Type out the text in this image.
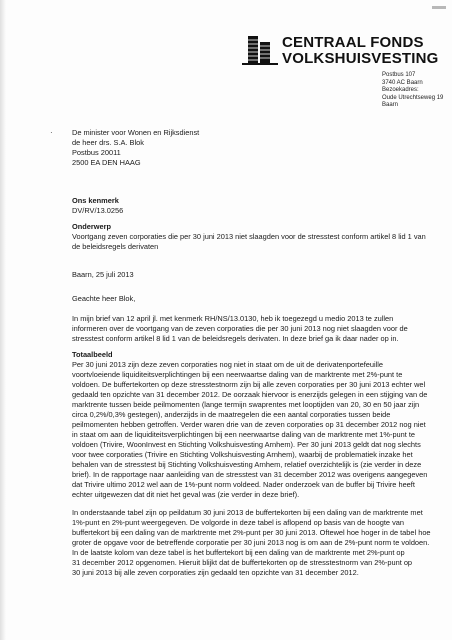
CENTRAAL FONDS
VOLKSHUISVESTING
Postbus 107
3740 AC Baarn
Bezoekadres:
Oude Utrechtseweg 19
Baarn
·	De minister voor Wonen en Rijksdienst
de heer drs. S.A. Blok
Postbus 20011
2500 EA DEN HAAG
Ons kenmerk
DV/RV/13.0256
Onderwerp
Voortgang zeven corporaties die per 30 juni 2013 niet slaagden voor de stresstest conform artikel 8 lid 1 van
de beleidsregels derivaten
Baarn, 25 juli 2013
Geachte heer Blok,
In mijn brief van 12 april jl. met kenmerk RH/NS/13.0130, heb ik toegezegd u medio 2013 te zullen
informeren over de voortgang van de zeven corporaties die per 30 juni 2013 nog niet slaagden voor de
stresstest conform artikel 8 lid 1 van de beleidsregels derivaten. In deze brief ga ik daar nader op in.
Totaalbeeld
Per 30 juni 2013 zijn deze zeven corporaties nog niet in staat om de uit de derivatenportefeuille
voortvloeiende liquiditeitsverplichtingen bij een neerwaartse daling van de marktrente met 2%-punt te
voldoen. De buffertekorten op deze stresstestnorm zijn bij alle zeven corporaties per 30 juni 2013 echter wel
gedaald ten opzichte van 31 december 2012. De oorzaak hiervoor is enerzijds gelegen in een stijging van de
marktrente tussen beide peilmomenten (lange termijn swaprentes met looptijden van 20, 30 en 50 jaar zijn
circa 0,2%/0,3% gestegen), anderzijds in de maatregelen die een aantal corporaties tussen beide
peilmomenten hebben getroffen. Verder waren drie van de zeven corporaties op 31 december 2012 nog niet
in staat om aan de liquiditeitsverplichtingen bij een neerwaartse daling van de marktrente met 1%-punt te
voldoen (Trivire, WoonInvest en Stichting Volkshuisvesting Arnhem). Per 30 juni 2013 geldt dat nog slechts
voor twee corporaties (Trivire en Stichting Volkshuisvesting Arnhem), waarbij de problematiek inzake het
behalen van de stresstest bij Stichting Volkshuisvesting Arnhem, relatief overzichtelijk is (zie verder in deze
brief). In de rapportage naar aanleiding van de stresstest van 31 december 2012 was overigens aangegeven
dat Trivire ultimo 2012 wel aan de 1%-punt norm voldeed. Nader onderzoek van de buffer bij Trivire heeft
echter uitgewezen dat dit niet het geval was (zie verder in deze brief).
In onderstaande tabel zijn op peildatum 30 juni 2013 de buffertekorten bij een daling van de marktrente met
1%-punt en 2%-punt weergegeven. De volgorde in deze tabel is aflopend op basis van de hoogte van
buffertekort bij een daling van de marktrente met 2%-punt per 30 juni 2013. Oftewel hoe hoger in de tabel hoe
groter de opgave voor de betreffende corporatie per 30 juni 2013 nog is om aan de 2%-punt norm te voldoen.
In de laatste kolom van deze tabel is het buffertekort bij een daling van de marktrente met 2%-punt op
31 december 2012 opgenomen. Hieruit blijkt dat de buffertekorten op de stresstestnorm van 2%-punt op
30 juni 2013 bij alle zeven corporaties zijn gedaald ten opzichte van 31 december 2012.
